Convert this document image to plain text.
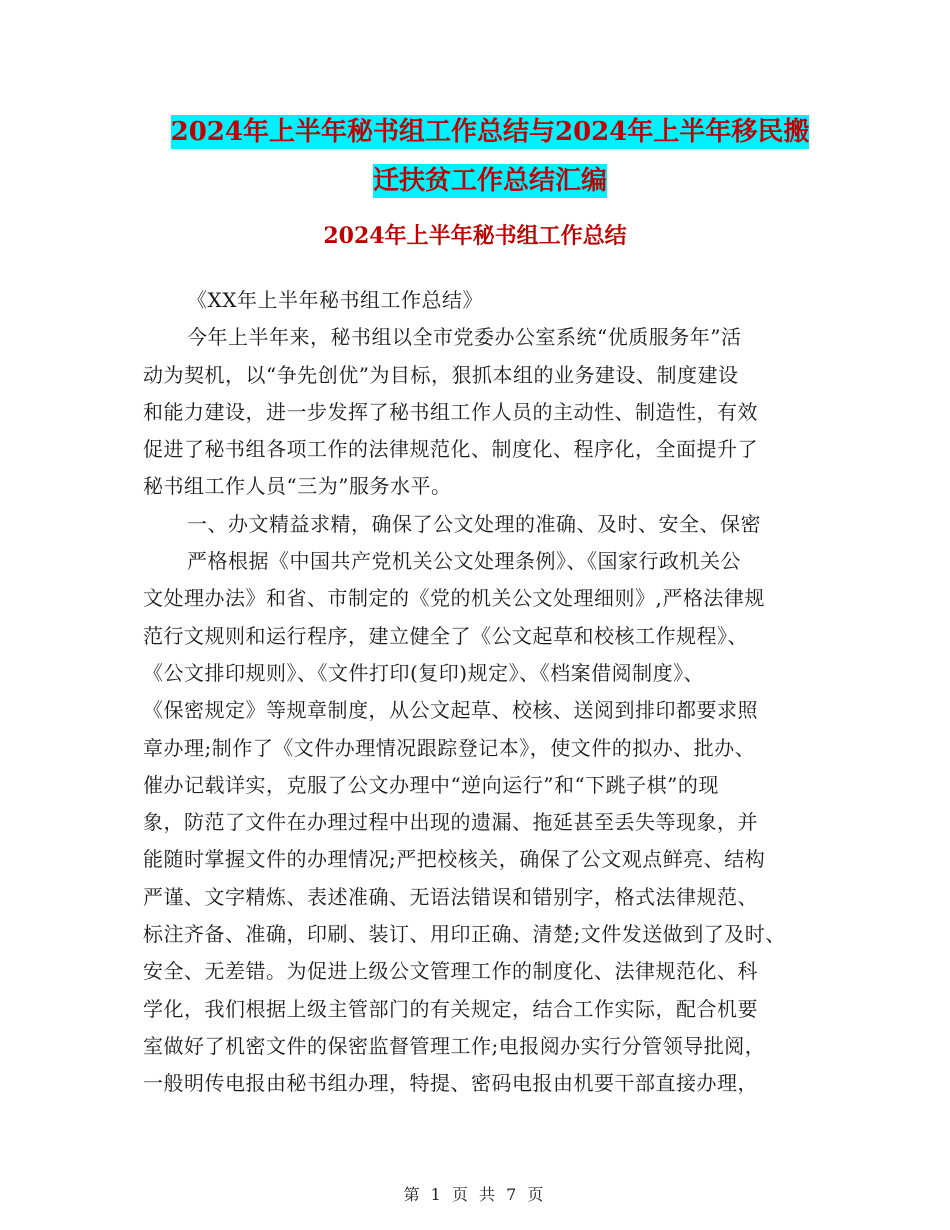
2024年上半年秘书组工作总结与2024年上半年移民搬
迁扶贫工作总结汇编
2024年上半年秘书组工作总结
《XX年上半年秘书组工作总结》
今年上半年来，秘书组以全市党委办公室系统“优质服务年”活
动为契机，以“争先创优”为目标，狠抓本组的业务建设、制度建设
和能力建设，进一步发挥了秘书组工作人员的主动性、制造性，有效
促进了秘书组各项工作的法律规范化、制度化、程序化，全面提升了
秘书组工作人员“三为”服务水平。
一、办文精益求精，确保了公文处理的准确、及时、安全、保密
严格根据《中国共产党机关公文处理条例》、《国家行政机关公
文处理办法》和省、市制定的《党的机关公文处理细则》,严格法律规
范行文规则和运行程序，建立健全了《公文起草和校核工作规程》、
《公文排印规则》、《文件打印(复印)规定》、《档案借阅制度》、
《保密规定》等规章制度，从公文起草、校核、送阅到排印都要求照
章办理;制作了《文件办理情况跟踪登记本》，使文件的拟办、批办、
催办记载详实，克服了公文办理中“逆向运行”和“下跳子棋”的现
象，防范了文件在办理过程中出现的遗漏、拖延甚至丢失等现象，并
能随时掌握文件的办理情况;严把校核关，确保了公文观点鲜亮、结构
严谨、文字精炼、表述准确、无语法错误和错别字，格式法律规范、
标注齐备、准确，印刷、装订、用印正确、清楚;文件发送做到了及时、
安全、无差错。为促进上级公文管理工作的制度化、法律规范化、科
学化，我们根据上级主管部门的有关规定，结合工作实际，配合机要
室做好了机密文件的保密监督管理工作;电报阅办实行分管领导批阅，
一般明传电报由秘书组办理，特提、密码电报由机要干部直接办理，
第 1 页 共 7 页
